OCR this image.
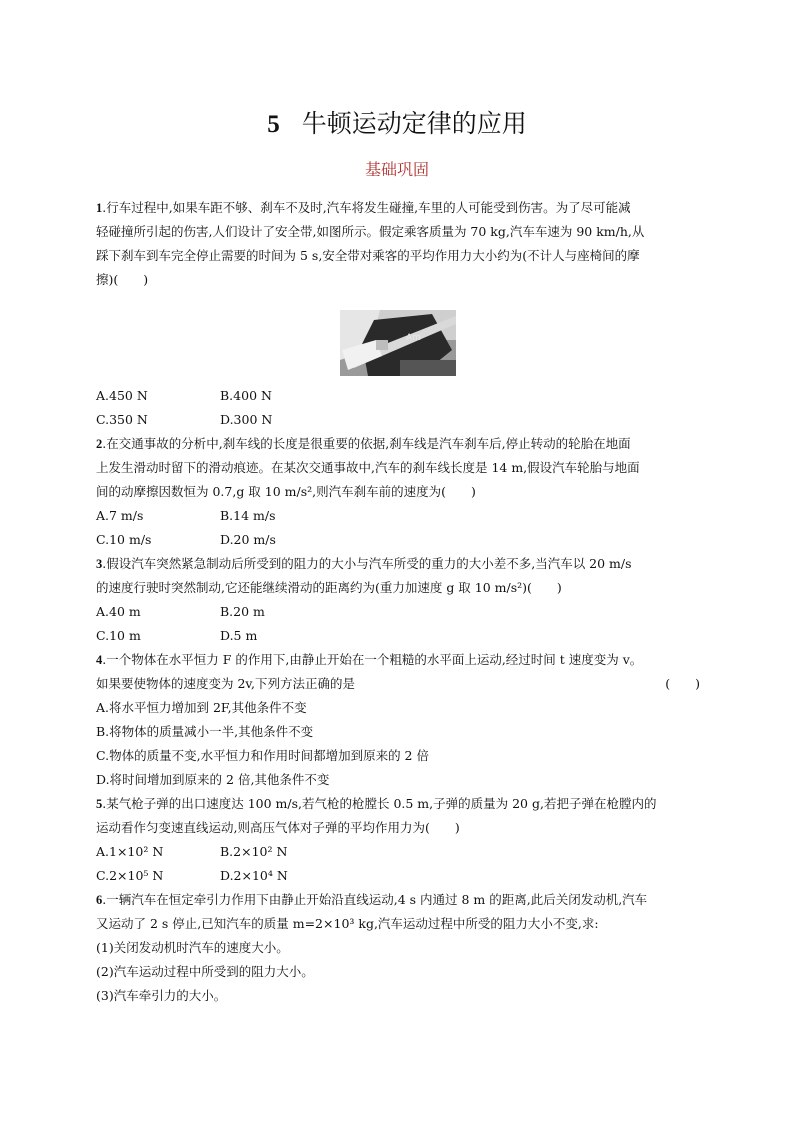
5 牛顿运动定律的应用
基础巩固
1.行车过程中,如果车距不够、刹车不及时,汽车将发生碰撞,车里的人可能受到伤害。为了尽可能减
轻碰撞所引起的伤害,人们设计了安全带,如图所示。假定乘客质量为 70 kg,汽车车速为 90 km/h,从
踩下刹车到车完全停止需要的时间为 5 s,安全带对乘客的平均作用力大小约为(不计人与座椅间的摩
擦)(　　)
Am
A.450 N	B.400 N
C.350 N	D.300 N
2.在交通事故的分析中,刹车线的长度是很重要的依据,刹车线是汽车刹车后,停止转动的轮胎在地面
上发生滑动时留下的滑动痕迹。在某次交通事故中,汽车的刹车线长度是 14 m,假设汽车轮胎与地面
间的动摩擦因数恒为 0.7,g 取 10 m/s²,则汽车刹车前的速度为(　　)
A.7 m/s	B.14 m/s
C.10 m/s	D.20 m/s
3.假设汽车突然紧急制动后所受到的阻力的大小与汽车所受的重力的大小差不多,当汽车以 20 m/s
的速度行驶时突然制动,它还能继续滑动的距离约为(重力加速度 g 取 10 m/s²)(　　)
A.40 m	B.20 m
C.10 m	D.5 m
4.一个物体在水平恒力 F 的作用下,由静止开始在一个粗糙的水平面上运动,经过时间 t 速度变为 v。
如果要使物体的速度变为 2v,下列方法正确的是	(　　)
A.将水平恒力增加到 2F,其他条件不变
B.将物体的质量减小一半,其他条件不变
C.物体的质量不变,水平恒力和作用时间都增加到原来的 2 倍
D.将时间增加到原来的 2 倍,其他条件不变
5.某气枪子弹的出口速度达 100 m/s,若气枪的枪膛长 0.5 m,子弹的质量为 20 g,若把子弹在枪膛内的
运动看作匀变速直线运动,则高压气体对子弹的平均作用力为(　　)
A.1×10² N	B.2×10² N
C.2×10⁵ N	D.2×10⁴ N
6.一辆汽车在恒定牵引力作用下由静止开始沿直线运动,4 s 内通过 8 m 的距离,此后关闭发动机,汽车
又运动了 2 s 停止,已知汽车的质量 m=2×10³ kg,汽车运动过程中所受的阻力大小不变,求:
(1)关闭发动机时汽车的速度大小。
(2)汽车运动过程中所受到的阻力大小。
(3)汽车牵引力的大小。
